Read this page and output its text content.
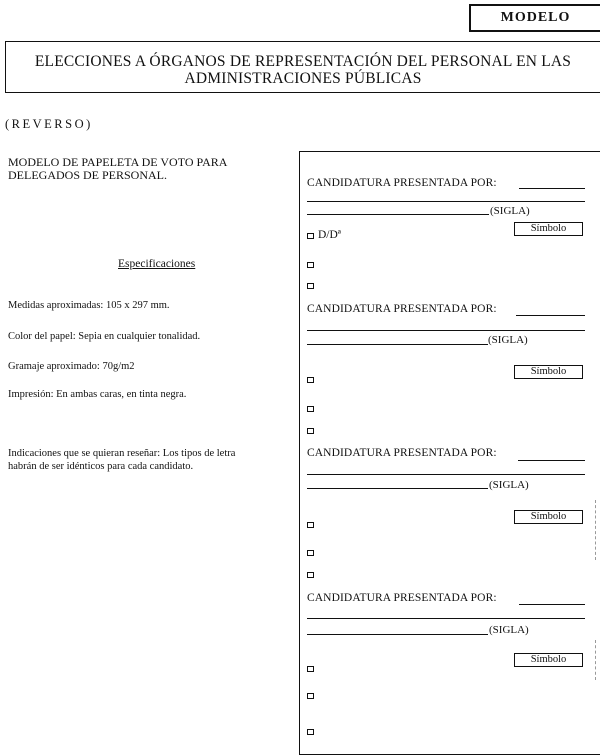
MODELO
ELECCIONES A ÓRGANOS DE REPRESENTACIÓN DEL PERSONAL EN LAS
ADMINISTRACIONES PÚBLICAS
(REVERSO)
MODELO DE PAPELETA DE VOTO PARA
DELEGADOS DE PERSONAL.
Especificaciones
Medidas aproximadas: 105 x 297 mm.
Color del papel: Sepia en cualquier tonalidad.
Gramaje aproximado: 70g/m2
Impresión: En ambas caras, en tinta negra.
Indicaciones que se quieran reseñar: Los tipos de letra
habrán de ser idénticos para cada candidato.
CANDIDATURA PRESENTADA POR:
(SIGLA)
Símbolo
D/Dª
CANDIDATURA PRESENTADA POR:
(SIGLA)
Símbolo
CANDIDATURA PRESENTADA POR:
(SIGLA)
Símbolo
CANDIDATURA PRESENTADA POR:
(SIGLA)
Símbolo
